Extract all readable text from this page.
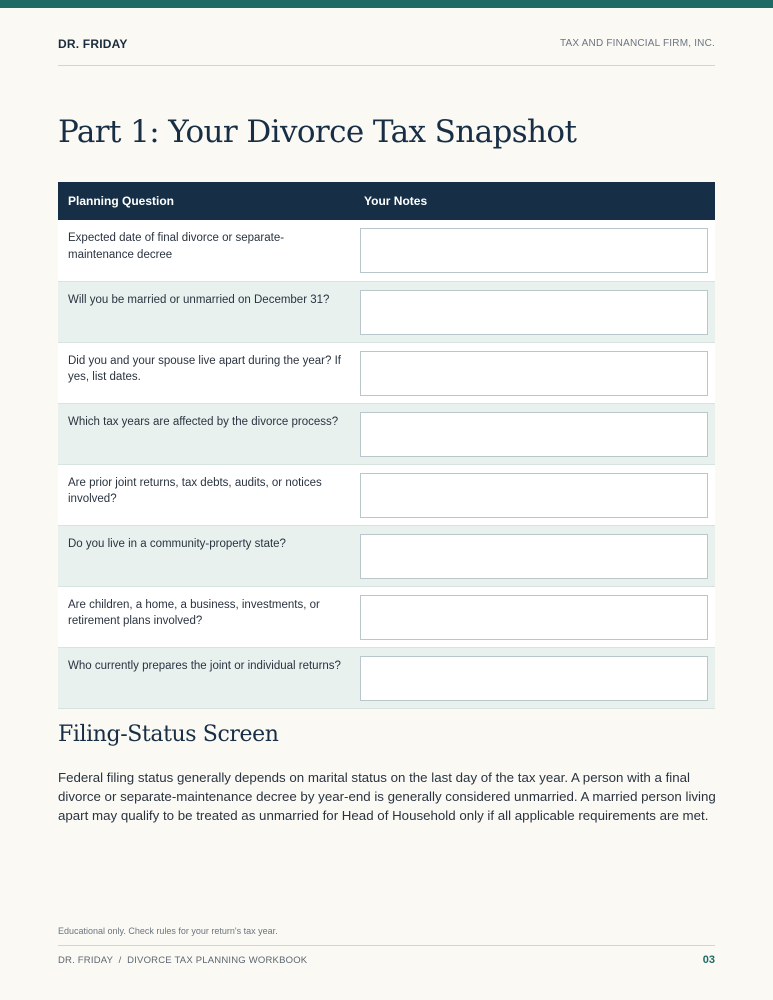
DR. FRIDAY	TAX AND FINANCIAL FIRM, INC.
Part 1: Your Divorce Tax Snapshot
Planning Question	Your Notes
Expected date of final divorce or separate-maintenance decree	

Will you be married or unmarried on December 31?	

Did you and your spouse live apart during the year? If yes, list dates.	

Which tax years are affected by the divorce process?	

Are prior joint returns, tax debts, audits, or notices involved?	

Do you live in a community-property state?	

Are children, a home, a business, investments, or retirement plans involved?	

Who currently prepares the joint or individual returns?	
Filing-Status Screen

Federal filing status generally depends on marital status on the last day of the tax year. A person with a final divorce or separate-maintenance decree by year-end is generally considered unmarried. A married person living apart may qualify to be treated as unmarried for Head of Household only if all applicable requirements are met.

Educational only. Check rules for your return's tax year.
DR. FRIDAY  /  DIVORCE TAX PLANNING WORKBOOK	03
